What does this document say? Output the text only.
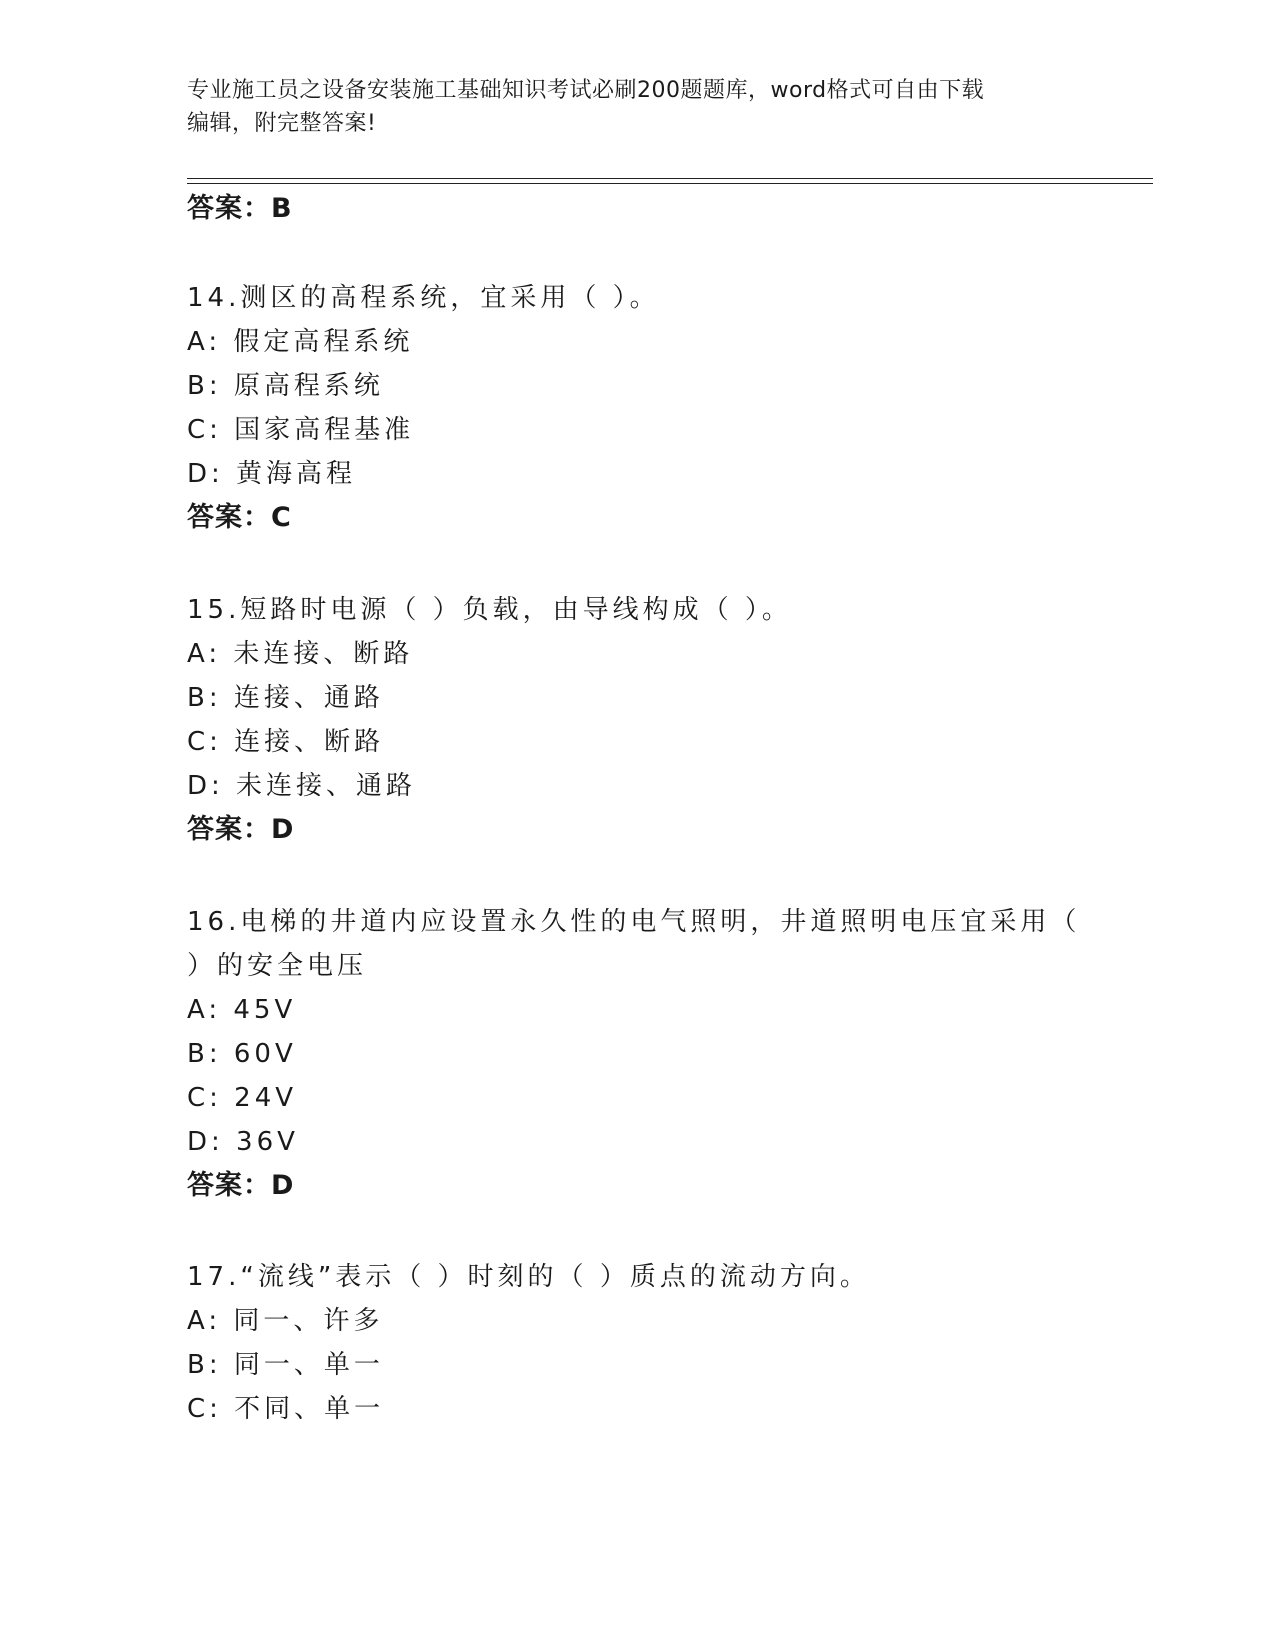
专业施工员之设备安装施工基础知识考试必刷200题题库，word格式可自由下载
编辑，附完整答案!
答案：B
14.测区的高程系统，宜采用（ ）。
A: 假定高程系统
B: 原高程系统
C: 国家高程基准
D: 黄海高程
答案：C
15.短路时电源（ ）负载，由导线构成（ ）。
A: 未连接、断路
B: 连接、通路
C: 连接、断路
D: 未连接、通路
答案：D
16.电梯的井道内应设置永久性的电气照明，井道照明电压宜采用（
）的安全电压
A: 45V
B: 60V
C: 24V
D: 36V
答案：D
17.“流线”表示（ ）时刻的（ ）质点的流动方向。
A: 同一、许多
B: 同一、单一
C: 不同、单一
